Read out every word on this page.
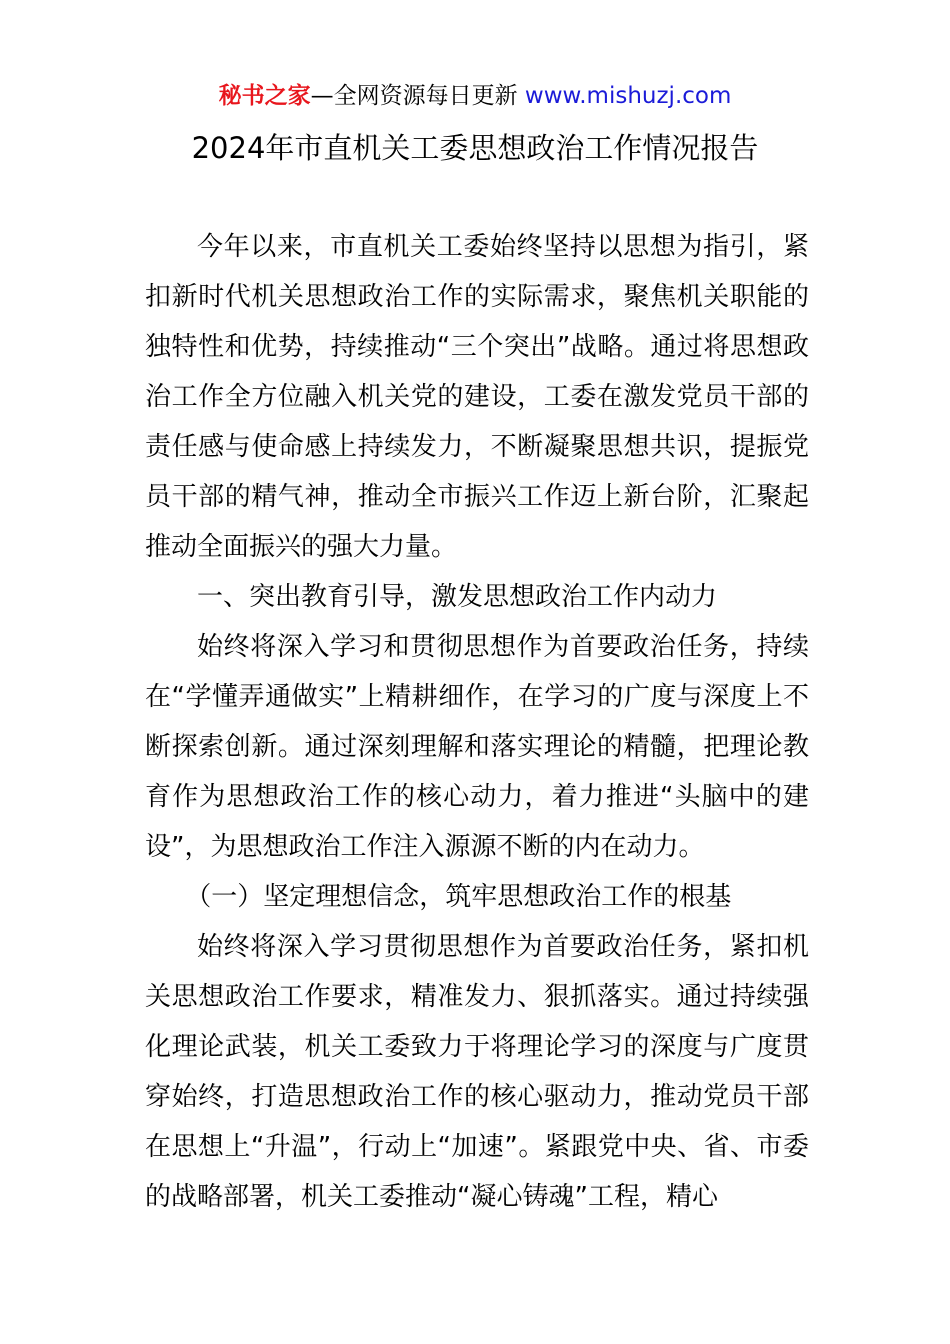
秘书之家—全网资源每日更新 www.mishuzj.com
2024年市直机关工委思想政治工作情况报告

今年以来，市直机关工委始终坚持以思想为指引，紧扣新时代机关思想政治工作的实际需求，聚焦机关职能的独特性和优势，持续推动“三个突出”战略。通过将思想政治工作全方位融入机关党的建设，工委在激发党员干部的责任感与使命感上持续发力，不断凝聚思想共识，提振党员干部的精气神，推动全市振兴工作迈上新台阶，汇聚起推动全面振兴的强大力量。

一、突出教育引导，激发思想政治工作内动力

始终将深入学习和贯彻思想作为首要政治任务，持续在“学懂弄通做实”上精耕细作，在学习的广度与深度上不断探索创新。通过深刻理解和落实理论的精髓，把理论教育作为思想政治工作的核心动力，着力推进“头脑中的建设”，为思想政治工作注入源源不断的内在动力。

（一）坚定理想信念，筑牢思想政治工作的根基

始终将深入学习贯彻思想作为首要政治任务，紧扣机关思想政治工作要求，精准发力、狠抓落实。通过持续强化理论武装，机关工委致力于将理论学习的深度与广度贯穿始终，打造思想政治工作的核心驱动力，推动党员干部在思想上“升温”，行动上“加速”。紧跟党中央、省、市委的战略部署，机关工委推动“凝心铸魂”工程，精心
